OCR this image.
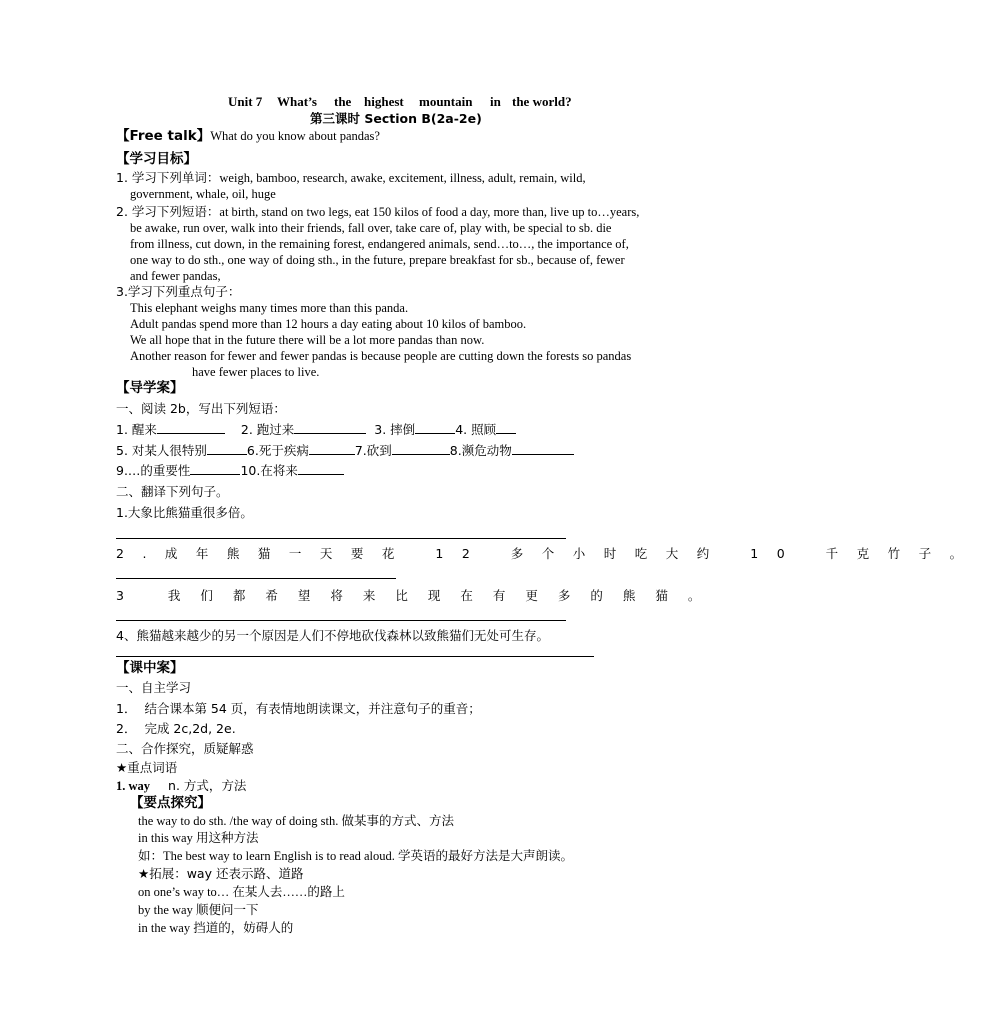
Unit 7 What’s the highest mountain in the world?
第三课时 Section B(2a-2e)
【Free talk】What do you know about pandas?
【学习目标】
1. 学习下列单词：weigh, bamboo, research, awake, excitement, illness, adult, remain, wild,
government, whale, oil, huge
2. 学习下列短语：at birth, stand on two legs, eat 150 kilos of food a day, more than, live up to…years,
be awake, run over, walk into their friends, fall over, take care of, play with, be special to sb. die
from illness, cut down, in the remaining forest, endangered animals, send…to…, the importance of,
one way to do sth., one way of doing sth., in the future, prepare breakfast for sb., because of, fewer
and fewer pandas,
3.学习下列重点句子：
This elephant weighs many times more than this panda.
Adult pandas spend more than 12 hours a day eating about 10 kilos of bamboo.
We all hope that in the future there will be a lot more pandas than now.
Another reason for fewer and fewer pandas is because people are cutting down the forests so pandas
have fewer places to live.
【导学案】
一、阅读 2b，写出下列短语：
1. 醒来	2. 跑过来	3. 摔倒	4. 照顾
5. 对某人很特别	6.死于疾病	7.砍到	8.濒危动物
9.…的重要性	10.在将来
二、翻译下列句子。
1.大象比熊猫重很多倍。
2.成年熊猫一天要花 12 多个小时吃大约 10 千克竹子。
3 我们都希望将来比现在有更多的熊猫。
4、熊猫越来越少的另一个原因是人们不停地砍伐森林以致熊猫们无处可生存。
【课中案】
一、自主学习
1． 结合课本第 54 页，有表情地朗读课文，并注意句子的重音；
2． 完成 2c,2d, 2e.
二、合作探究，质疑解惑
★重点词语
1. way n. 方式，方法
【要点探究】
the way to do sth. /the way of doing sth. 做某事的方式、方法
in this way 用这种方法
如：The best way to learn English is to read aloud. 学英语的最好方法是大声朗读。
★拓展：way 还表示路、道路
on one’s way to… 在某人去……的路上
by the way 顺便问一下
in the way 挡道的，妨碍人的
